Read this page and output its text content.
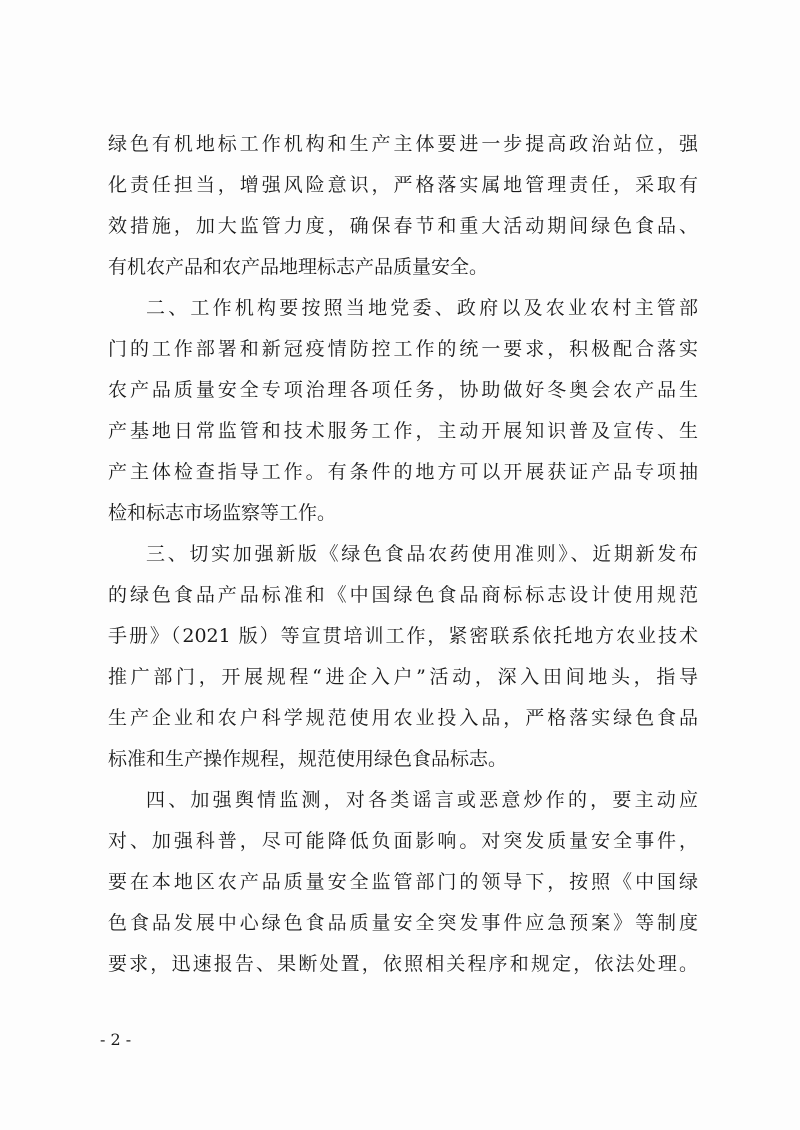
绿色有机地标工作机构和生产主体要进一步提高政治站位，强
化责任担当，增强风险意识，严格落实属地管理责任，采取有
效措施，加大监管力度，确保春节和重大活动期间绿色食品、
有机农产品和农产品地理标志产品质量安全。
二、工作机构要按照当地党委、政府以及农业农村主管部
门的工作部署和新冠疫情防控工作的统一要求，积极配合落实
农产品质量安全专项治理各项任务，协助做好冬奥会农产品生
产基地日常监管和技术服务工作，主动开展知识普及宣传、生
产主体检查指导工作。有条件的地方可以开展获证产品专项抽
检和标志市场监察等工作。
三、切实加强新版《绿色食品农药使用准则》、近期新发布
的绿色食品产品标准和《中国绿色食品商标标志设计使用规范
手册》（2021 版）等宣贯培训工作，紧密联系依托地方农业技术
推广部门，开展规程“进企入户”活动，深入田间地头，指导
生产企业和农户科学规范使用农业投入品，严格落实绿色食品
标准和生产操作规程，规范使用绿色食品标志。
四、加强舆情监测，对各类谣言或恶意炒作的，要主动应
对、加强科普，尽可能降低负面影响。对突发质量安全事件，
要在本地区农产品质量安全监管部门的领导下，按照《中国绿
色食品发展中心绿色食品质量安全突发事件应急预案》等制度
要求，迅速报告、果断处置，依照相关程序和规定，依法处理。
- 2 -
